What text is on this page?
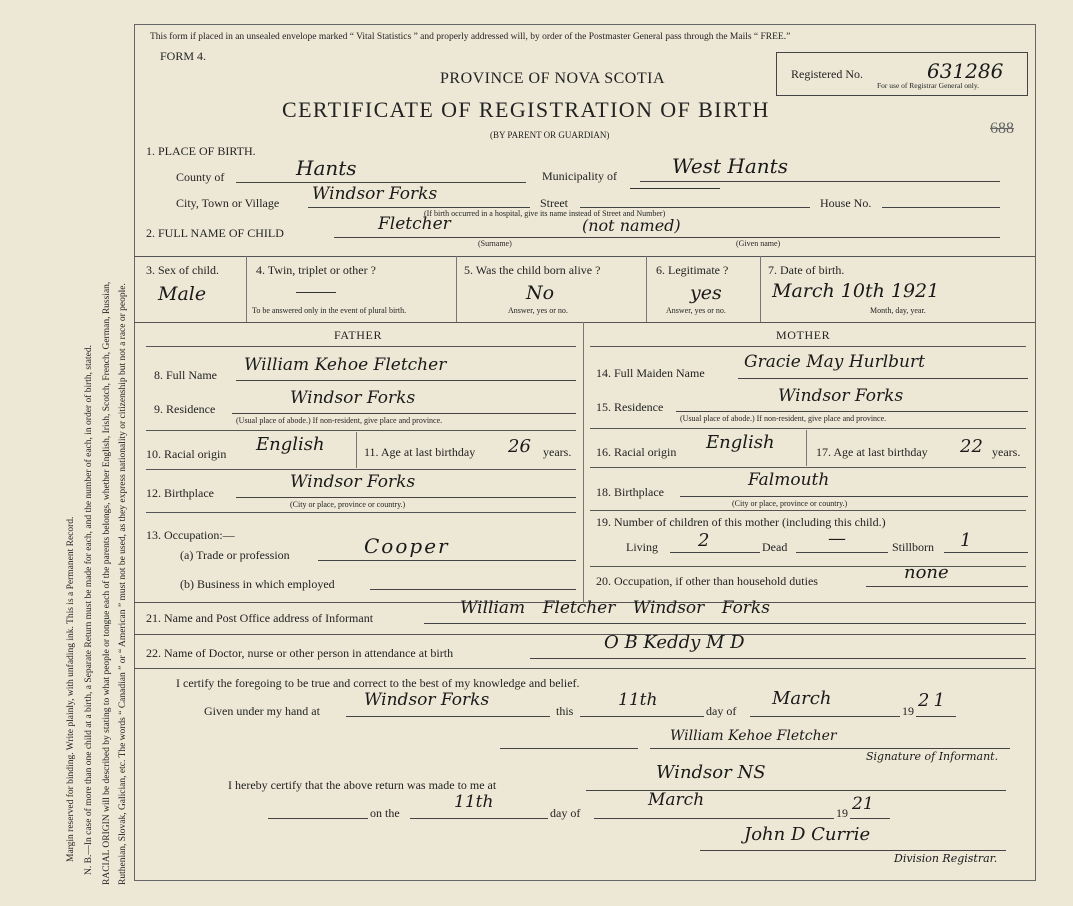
Margin reserved for binding. Write plainly, with unfading ink. This is a Permanent Record. N. B.—In case of more than one child at a birth, a Separate Return must be made for each, and the number of each, in order of birth, stated. RACIAL ORIGIN will be described by stating to what people or tongue each of the parents belongs, whether English, Irish, Scotch, French, German, Russian, Ruthenian, Slovak, Galician, etc. The words “ Canadian ” or “ American ” must not be used, as they express nationality or citizenship but not a race or people.
This form if placed in an unsealed envelope marked “ Vital Statistics ” and properly addressed will, by order of the Postmaster General pass through the Mails “ FREE.”
FORM 4.
Registered No.	631286
For use of Registrar General only.
PROVINCE OF NOVA SCOTIA
CERTIFICATE OF REGISTRATION OF BIRTH
(BY PARENT OR GUARDIAN)	688
1. PLACE OF BIRTH.
County of	Hants	Municipality of	West Hants
City, Town or Village Windsor Forks	Street	House No.
(If birth occurred in a hospital, give its name instead of Street and Number)
2. FULL NAME OF CHILD	Fletcher	(not named)
(Surname)	(Given name)
3. Sex of child.
Male
4. Twin, triplet or other ?
To be answered only in the event of plural birth.
5. Was the child born alive ?
No
Answer, yes or no.
6. Legitimate ?
yes
Answer, yes or no.
7. Date of birth.
March 10th 1921
Month, day, year.
FATHER	MOTHER
8. Full Name William Kehoe Fletcher
9. Residence
Windsor Forks
(Usual place of abode.) If non-resident, give place and province.
10. Racial origin English	11. Age at last birthday 26 years.
12. Birthplace
Windsor Forks
(City or place, province or country.)
13. Occupation:—
(a) Trade or profession	Cooper
(b) Business in which employed
14. Full Maiden Name
Gracie May Hurlburt
15. Residence
Windsor Forks
(Usual place of abode.) If non-resident, give place and province.
16. Racial origin English	17. Age at last birthday 22 years.
18. Birthplace
Falmouth
(City or place, province or country.)
19. Number of children of this mother (including this child.)
Living 2	Dead —	Stillborn 1
20. Occupation, if other than household duties	none
21. Name and Post Office address of Informant	William Fletcher Windsor Forks
22. Name of Doctor, nurse or other person in attendance at birth	O B Keddy M D
I certify the foregoing to be true and correct to the best of my knowledge and belief.
Given under my hand at
Windsor Forks
this
11th
day of
March
19 21
William Kehoe Fletcher
Signature of Informant.
I hereby certify that the above return was made to me at
Windsor NS
on the
11th
day of
March
19 21
John D Currie
Division Registrar.
